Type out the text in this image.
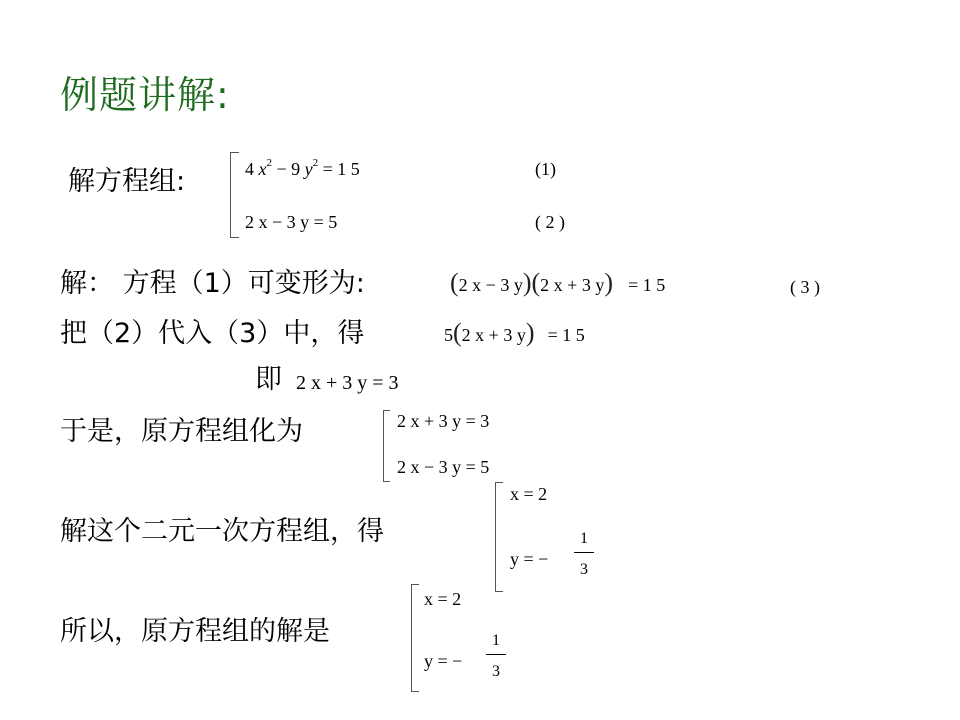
例题讲解:
解方程组:	4 $x^2 - 9$ $y^2 = 1$ 5	(1)
2 x − 3 y = 5	( 2 )
解： 方程（1）可变形为:	(2 x − 3 y)(2 x + 3 y) = 1 5	( 3 )
把（2）代入（3）中，得	5(2 x + 3 y) = 1 5
即 2 x + 3 y = 3
于是，原方程组化为	2 x + 3 y = 3
2 x − 3 y = 5
解这个二元一次方程组，得
x = 2
y = −
1
3
所以，原方程组的解是
x = 2
y = −
1
3
